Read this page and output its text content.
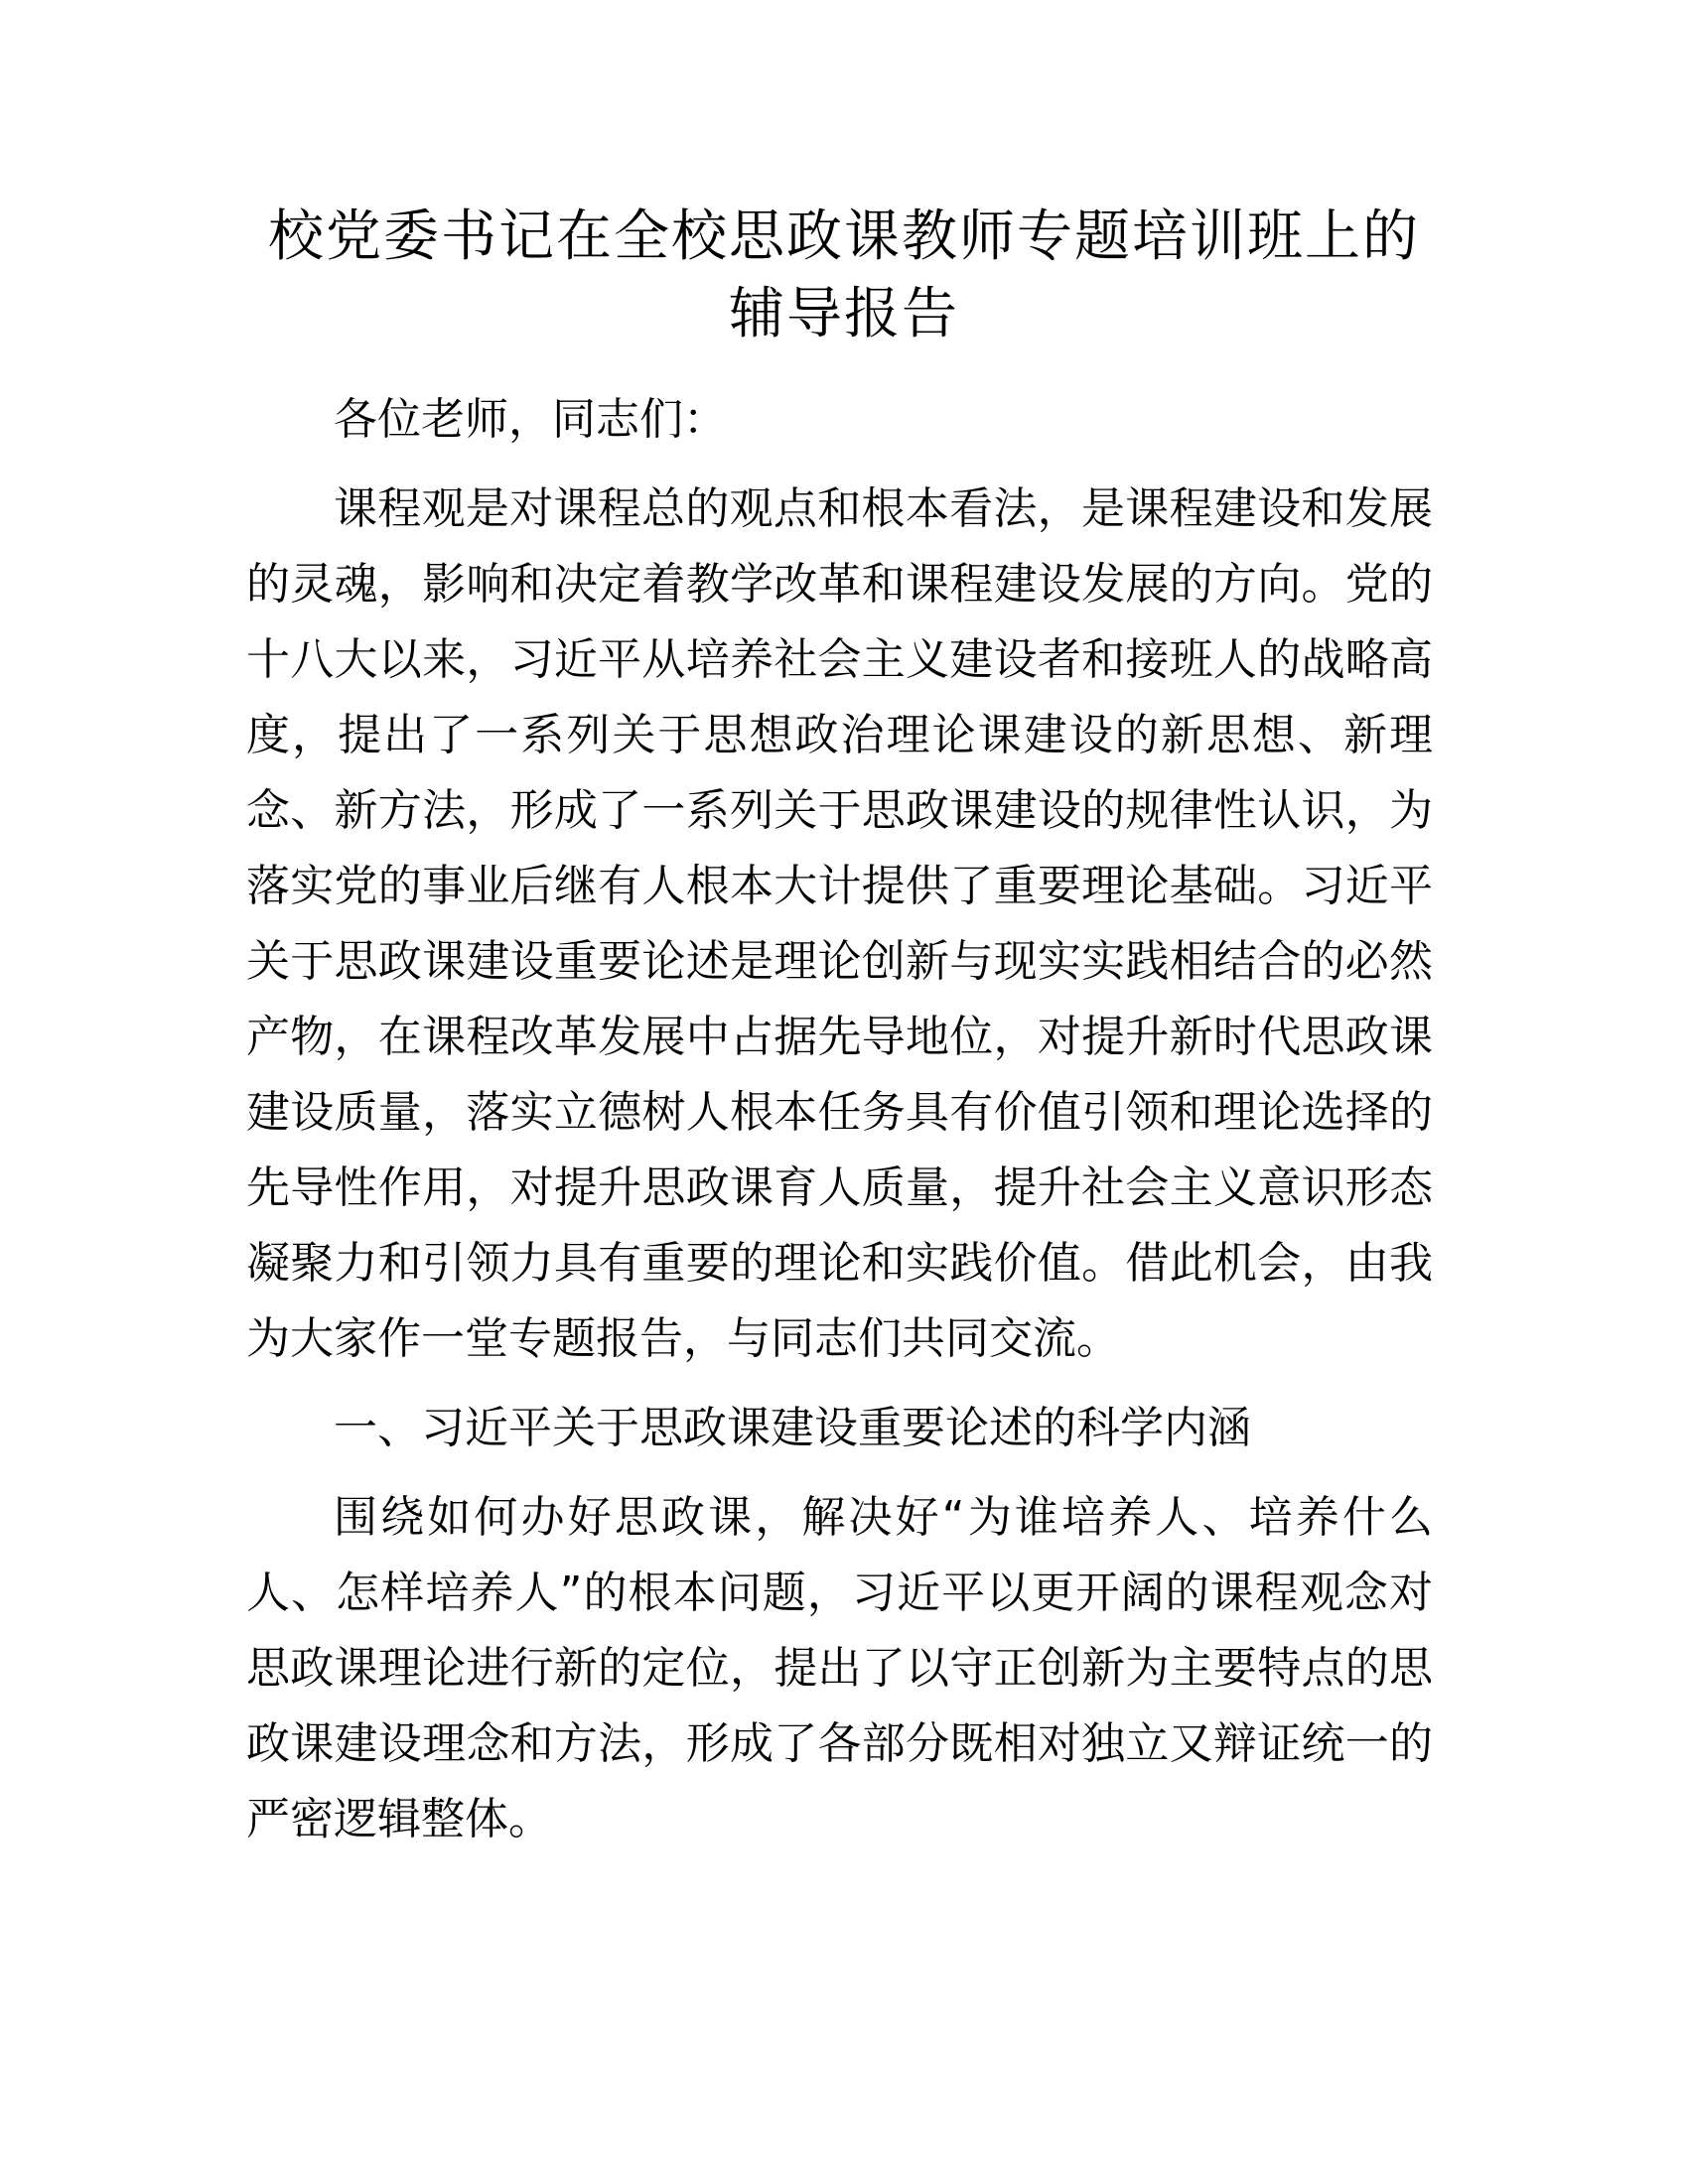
校党委书记在全校思政课教师专题培训班上的
辅导报告

各位老师，同志们：

课程观是对课程总的观点和根本看法，是课程建设和发展的灵魂，影响和决定着教学改革和课程建设发展的方向。党的十八大以来，习近平从培养社会主义建设者和接班人的战略高度，提出了一系列关于思想政治理论课建设的新思想、新理念、新方法，形成了一系列关于思政课建设的规律性认识，为落实党的事业后继有人根本大计提供了重要理论基础。习近平关于思政课建设重要论述是理论创新与现实实践相结合的必然产物，在课程改革发展中占据先导地位，对提升新时代思政课建设质量，落实立德树人根本任务具有价值引领和理论选择的先导性作用，对提升思政课育人质量，提升社会主义意识形态凝聚力和引领力具有重要的理论和实践价值。借此机会，由我为大家作一堂专题报告，与同志们共同交流。

一、习近平关于思政课建设重要论述的科学内涵

围绕如何办好思政课，解决好“为谁培养人、培养什么人、怎样培养人”的根本问题，习近平以更开阔的课程观念对思政课理论进行新的定位，提出了以守正创新为主要特点的思政课建设理念和方法，形成了各部分既相对独立又辩证统一的严密逻辑整体。
